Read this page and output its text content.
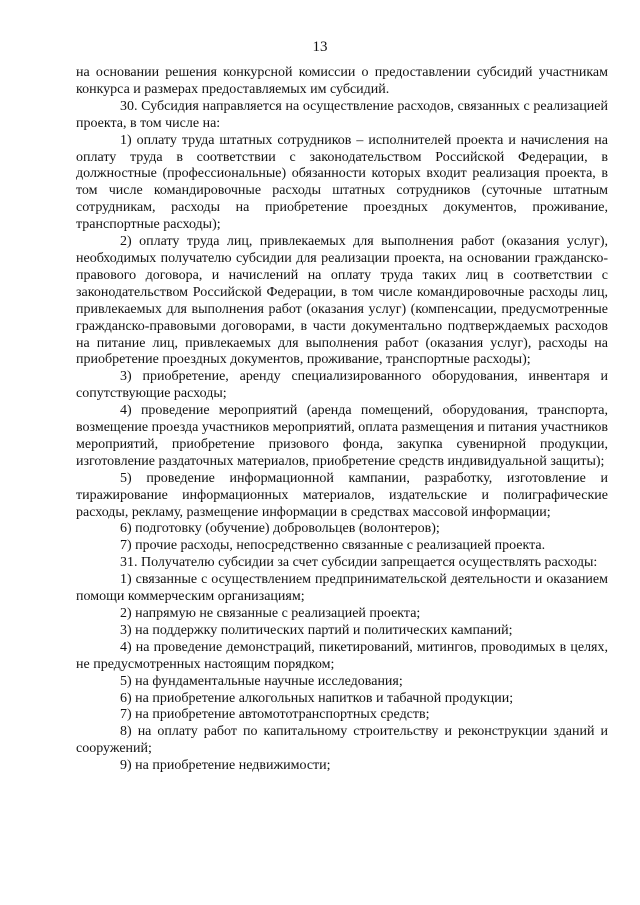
13

на основании решения конкурсной комиссии о предоставлении субсидий участникам конкурса и размерах предоставляемых им субсидий.

30. Субсидия направляется на осуществление расходов, связанных с реализацией проекта, в том числе на:

1) оплату труда штатных сотрудников – исполнителей проекта и начисления на оплату труда в соответствии с законодательством Российской Федерации, в должностные (профессиональные) обязанности которых входит реализация проекта, в том числе командировочные расходы штатных сотрудников (суточные штатным сотрудникам, расходы на приобретение проездных документов, проживание, транспортные расходы);

2) оплату труда лиц, привлекаемых для выполнения работ (оказания услуг), необходимых получателю субсидии для реализации проекта, на основании гражданско-правового договора, и начислений на оплату труда таких лиц в соответствии с законодательством Российской Федерации, в том числе командировочные расходы лиц, привлекаемых для выполнения работ (оказания услуг) (компенсации, предусмотренные гражданско-правовыми договорами, в части документально подтверждаемых расходов на питание лиц, привлекаемых для выполнения работ (оказания услуг), расходы на приобретение проездных документов, проживание, транспортные расходы);

3) приобретение, аренду специализированного оборудования, инвентаря и сопутствующие расходы;

4) проведение мероприятий (аренда помещений, оборудования, транспорта, возмещение проезда участников мероприятий, оплата размещения и питания участников мероприятий, приобретение призового фонда, закупка сувенирной продукции, изготовление раздаточных материалов, приобретение средств индивидуальной защиты);

5) проведение информационной кампании, разработку, изготовление и тиражирование информационных материалов, издательские и полиграфические расходы, рекламу, размещение информации в средствах массовой информации;

6) подготовку (обучение) добровольцев (волонтеров);

7) прочие расходы, непосредственно связанные с реализацией проекта.

31. Получателю субсидии за счет субсидии запрещается осуществлять расходы:

1) связанные с осуществлением предпринимательской деятельности и оказанием помощи коммерческим организациям;

2) напрямую не связанные с реализацией проекта;

3) на поддержку политических партий и политических кампаний;

4) на проведение демонстраций, пикетирований, митингов, проводимых в целях, не предусмотренных настоящим порядком;

5) на фундаментальные научные исследования;

6) на приобретение алкогольных напитков и табачной продукции;

7) на приобретение автомототранспортных средств;

8) на оплату работ по капитальному строительству и реконструкции зданий и сооружений;

9) на приобретение недвижимости;
